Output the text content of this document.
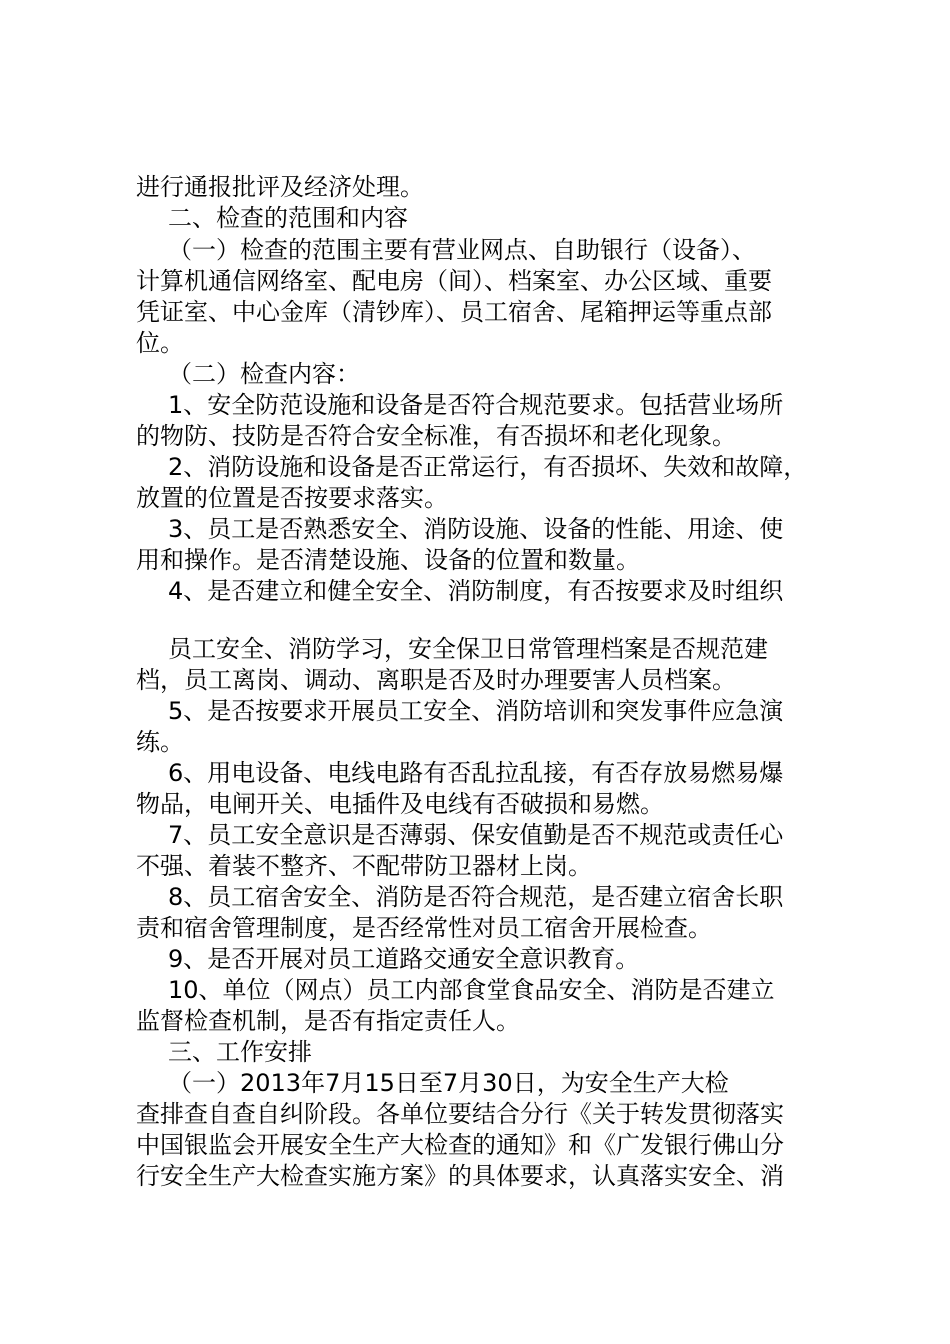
进行通报批评及经济处理。
二、检查的范围和内容
（一）检查的范围主要有营业网点、自助银行（设备）、
计算机通信网络室、配电房（间）、档案室、办公区域、重要
凭证室、中心金库（清钞库）、员工宿舍、尾箱押运等重点部
位。
（二）检查内容：
1、安全防范设施和设备是否符合规范要求。包括营业场所
的物防、技防是否符合安全标准，有否损坏和老化现象。
2、消防设施和设备是否正常运行，有否损坏、失效和故障，
放置的位置是否按要求落实。
3、员工是否熟悉安全、消防设施、设备的性能、用途、使
用和操作。是否清楚设施、设备的位置和数量。
4、是否建立和健全安全、消防制度，有否按要求及时组织
员工安全、消防学习，安全保卫日常管理档案是否规范建
档，员工离岗、调动、离职是否及时办理要害人员档案。
5、是否按要求开展员工安全、消防培训和突发事件应急演
练。
6、用电设备、电线电路有否乱拉乱接，有否存放易燃易爆
物品，电闸开关、电插件及电线有否破损和易燃。
7、员工安全意识是否薄弱、保安值勤是否不规范或责任心
不强、着装不整齐、不配带防卫器材上岗。
8、员工宿舍安全、消防是否符合规范，是否建立宿舍长职
责和宿舍管理制度，是否经常性对员工宿舍开展检查。
9、是否开展对员工道路交通安全意识教育。
10、单位（网点）员工内部食堂食品安全、消防是否建立
监督检查机制，是否有指定责任人。
三、工作安排
（一）2013年7月15日至7月30日，为安全生产大检
查排查自查自纠阶段。各单位要结合分行《关于转发贯彻落实
中国银监会开展安全生产大检查的通知》和《广发银行佛山分
行安全生产大检查实施方案》的具体要求，认真落实安全、消
